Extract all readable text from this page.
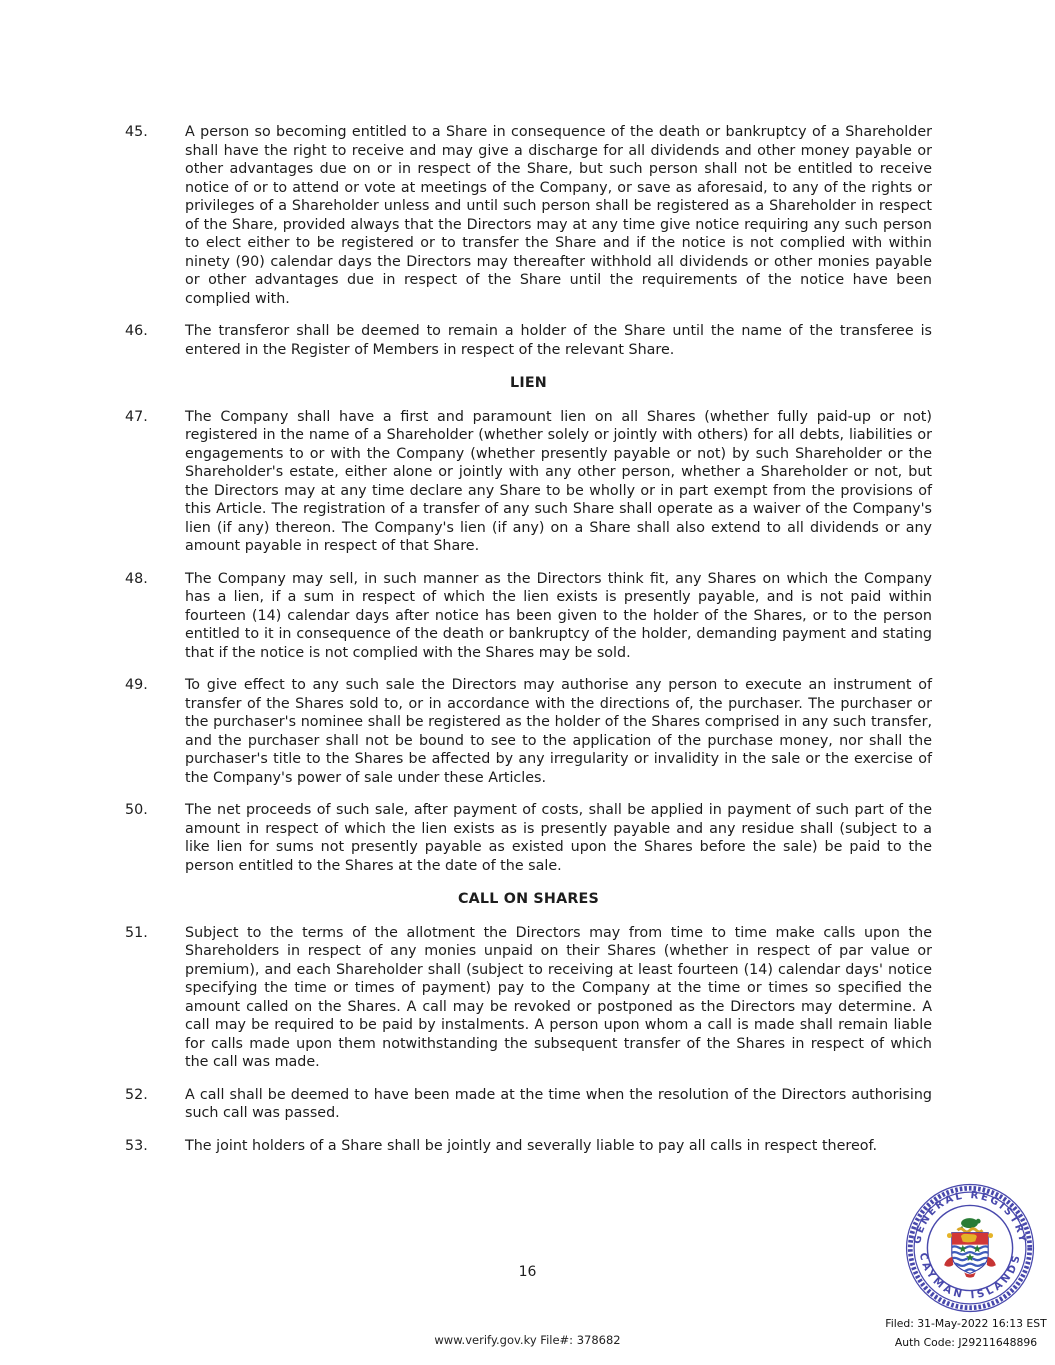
45.	A person so becoming entitled to a Share in consequence of the death or bankruptcy of a Shareholder shall have the right to receive and may give a discharge for all dividends and other money payable or other advantages due on or in respect of the Share, but such person shall not be entitled to receive notice of or to attend or vote at meetings of the Company, or save as aforesaid, to any of the rights or privileges of a Shareholder unless and until such person shall be registered as a Shareholder in respect of the Share, provided always that the Directors may at any time give notice requiring any such person to elect either to be registered or to transfer the Share and if the notice is not complied with within ninety (90) calendar days the Directors may thereafter withhold all dividends or other monies payable or other advantages due in respect of the Share until the requirements of the notice have been complied with.
46.	The transferor shall be deemed to remain a holder of the Share until the name of the transferee is entered in the Register of Members in respect of the relevant Share.
LIEN
47.	The Company shall have a first and paramount lien on all Shares (whether fully paid-up or not) registered in the name of a Shareholder (whether solely or jointly with others) for all debts, liabilities or engagements to or with the Company (whether presently payable or not) by such Shareholder or the Shareholder's estate, either alone or jointly with any other person, whether a Shareholder or not, but the Directors may at any time declare any Share to be wholly or in part exempt from the provisions of this Article. The registration of a transfer of any such Share shall operate as a waiver of the Company's lien (if any) thereon. The Company's lien (if any) on a Share shall also extend to all dividends or any amount payable in respect of that Share.
48.	The Company may sell, in such manner as the Directors think fit, any Shares on which the Company has a lien, if a sum in respect of which the lien exists is presently payable, and is not paid within fourteen (14) calendar days after notice has been given to the holder of the Shares, or to the person entitled to it in consequence of the death or bankruptcy of the holder, demanding payment and stating that if the notice is not complied with the Shares may be sold.
49.	To give effect to any such sale the Directors may authorise any person to execute an instrument of transfer of the Shares sold to, or in accordance with the directions of, the purchaser. The purchaser or the purchaser's nominee shall be registered as the holder of the Shares comprised in any such transfer, and the purchaser shall not be bound to see to the application of the purchase money, nor shall the purchaser's title to the Shares be affected by any irregularity or invalidity in the sale or the exercise of the Company's power of sale under these Articles.
50.	The net proceeds of such sale, after payment of costs, shall be applied in payment of such part of the amount in respect of which the lien exists as is presently payable and any residue shall (subject to a like lien for sums not presently payable as existed upon the Shares before the sale) be paid to the person entitled to the Shares at the date of the sale.
CALL ON SHARES
51.	Subject to the terms of the allotment the Directors may from time to time make calls upon the Shareholders in respect of any monies unpaid on their Shares (whether in respect of par value or premium), and each Shareholder shall (subject to receiving at least fourteen (14) calendar days' notice specifying the time or times of payment) pay to the Company at the time or times so specified the amount called on the Shares. A call may be revoked or postponed as the Directors may determine. A call may be required to be paid by instalments. A person upon whom a call is made shall remain liable for calls made upon them notwithstanding the subsequent transfer of the Shares in respect of which the call was made.
52.	A call shall be deemed to have been made at the time when the resolution of the Directors authorising such call was passed.
53.	The joint holders of a Share shall be jointly and severally liable to pay all calls in respect thereof.
16
GENERAL REGISTRY
CAYMAN ISLANDS
Filed: 31-May-2022 16:13 EST
Auth Code: J29211648896
www.verify.gov.ky File#: 378682
